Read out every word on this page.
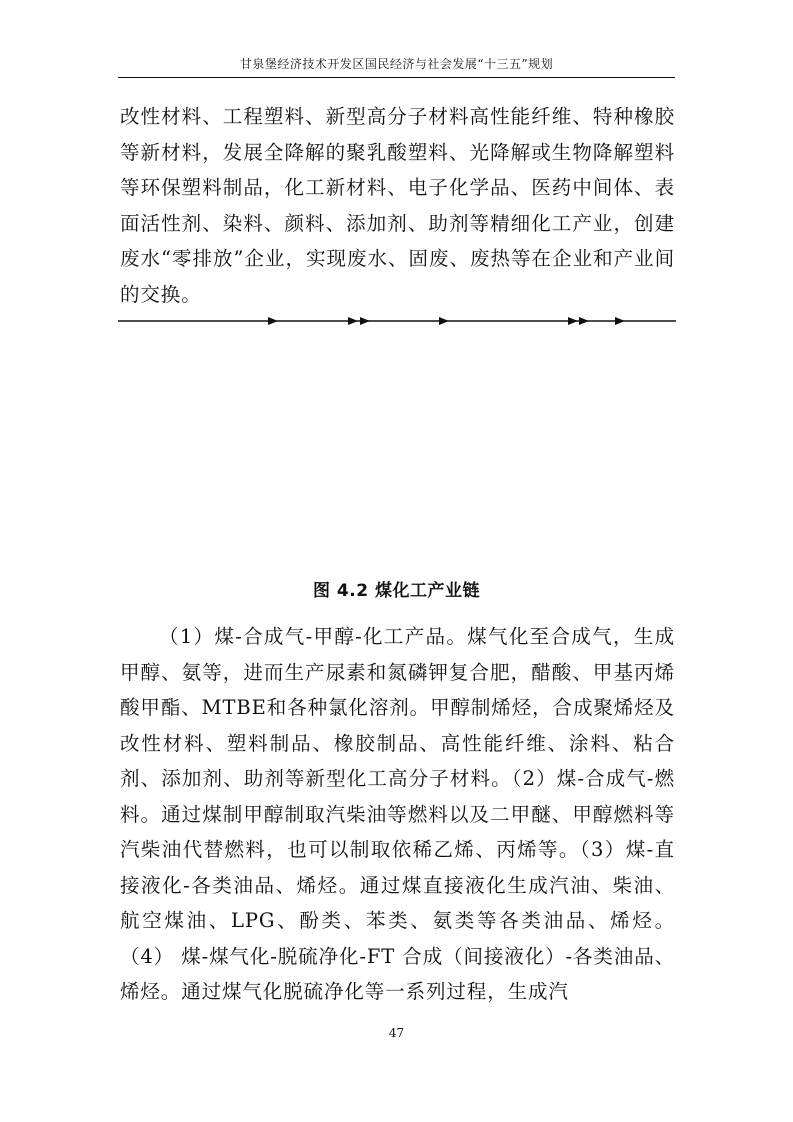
甘泉堡经济技术开发区国民经济与社会发展“十三五”规划

改性材料、工程塑料、新型高分子材料高性能纤维、特种橡胶等新材料，发展全降解的聚乳酸塑料、光降解或生物降解塑料等环保塑料制品，化工新材料、电子化学品、医药中间体、表面活性剂、染料、颜料、添加剂、助剂等精细化工产业，创建废水“零排放”企业，实现废水、固废、废热等在企业和产业间的交换。

图 4.2 煤化工产业链

（1）煤-合成气-甲醇-化工产品。煤气化至合成气，生成甲醇、氨等，进而生产尿素和氮磷钾复合肥，醋酸、甲基丙烯酸甲酯、MTBE和各种氯化溶剂。甲醇制烯烃，合成聚烯烃及改性材料、塑料制品、橡胶制品、高性能纤维、涂料、粘合剂、添加剂、助剂等新型化工高分子材料。（2）煤-合成气-燃料。通过煤制甲醇制取汽柴油等燃料以及二甲醚、甲醇燃料等汽柴油代替燃料，也可以制取依稀乙烯、丙烯等。（3）煤-直接液化-各类油品、烯烃。通过煤直接液化生成汽油、柴油、航空煤油、LPG、酚类、苯类、氨类等各类油品、烯烃。（4） 煤-煤气化-脱硫净化-FT 合成（间接液化）-各类油品、烯烃。通过煤气化脱硫净化等一系列过程，生成汽

47
